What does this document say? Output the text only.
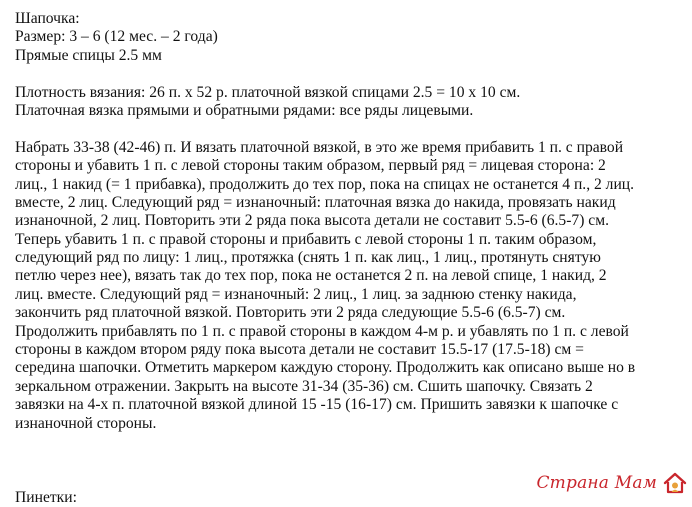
Шапочка:
Размер: 3 – 6 (12 мес. – 2 года)
Прямые спицы 2.5 мм
Плотность вязания: 26 п. х 52 р. платочной вязкой спицами 2.5 = 10 х 10 см.
Платочная вязка прямыми и обратными рядами: все ряды лицевыми.
Набрать 33-38 (42-46) п. И вязать платочной вязкой, в это же время прибавить 1 п. с правой
стороны и убавить 1 п. с левой стороны таким образом, первый ряд = лицевая сторона: 2
лиц., 1 накид (= 1 прибавка), продолжить до тех пор, пока на спицах не останется 4 п., 2 лиц.
вместе, 2 лиц. Следующий ряд = изнаночный: платочная вязка до накида, провязать накид
изнаночной, 2 лиц. Повторить эти 2 ряда пока высота детали не составит 5.5-6 (6.5-7) см.
Теперь убавить 1 п. с правой стороны и прибавить с левой стороны 1 п. таким образом,
следующий ряд по лицу: 1 лиц., протяжка (снять 1 п. как лиц., 1 лиц., протянуть снятую
петлю через нее), вязать так до тех пор, пока не останется 2 п. на левой спице, 1 накид, 2
лиц. вместе. Следующий ряд = изнаночный: 2 лиц., 1 лиц. за заднюю стенку накида,
закончить ряд платочной вязкой. Повторить эти 2 ряда следующие 5.5-6 (6.5-7) см.
Продолжить прибавлять по 1 п. с правой стороны в каждом 4-м р. и убавлять по 1 п. с левой
стороны в каждом втором ряду пока высота детали не составит 15.5-17 (17.5-18) см =
середина шапочки. Отметить маркером каждую сторону. Продолжить как описано выше но в
зеркальном отражении. Закрыть на высоте 31-34 (35-36) см. Сшить шапочку. Связать 2
завязки на 4-х п. платочной вязкой длиной 15 -15 (16-17) см. Пришить завязки к шапочке с
изнаночной стороны.
Пинетки:
Страна Мам
